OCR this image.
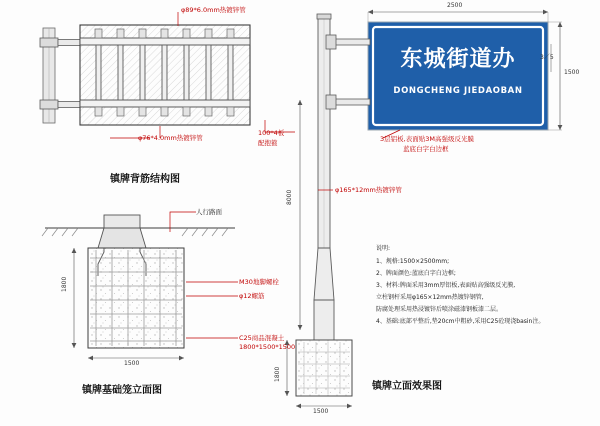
东城街道办
DONGCHENG JIEDAOBAN
2500
1500
3／5
8000
1800
1500
1800
1500
φ89*6.0mm热镀锌管
φ76*4.0mm热镀锌管
100*4板
配抱箍
人行路面
M30地脚螺栓
φ12螺筋
C25商品混凝土
1800*1500*1500
φ165*12mm热镀锌管
3层铝板,表面贴3M高强级反光膜
蓝底白字白边框
说明:
1、规格:1500×2500mm;
2、牌面颜色:蓝底白字白边框;
3、材料:牌面采用3mm厚铝板,表面贴高强级反光膜,
立柱钢杆采用φ165×12mm热镀锌钢管,
防腐处理采用热浸镀锌后喷涂磁漆钢板漆二层。
4、基础:底部平整后,垫20cm中粗砂,采用C25砼现浇basin注。
镇牌背筋结构图
镇牌基础笼立面图	镇牌立面效果图
